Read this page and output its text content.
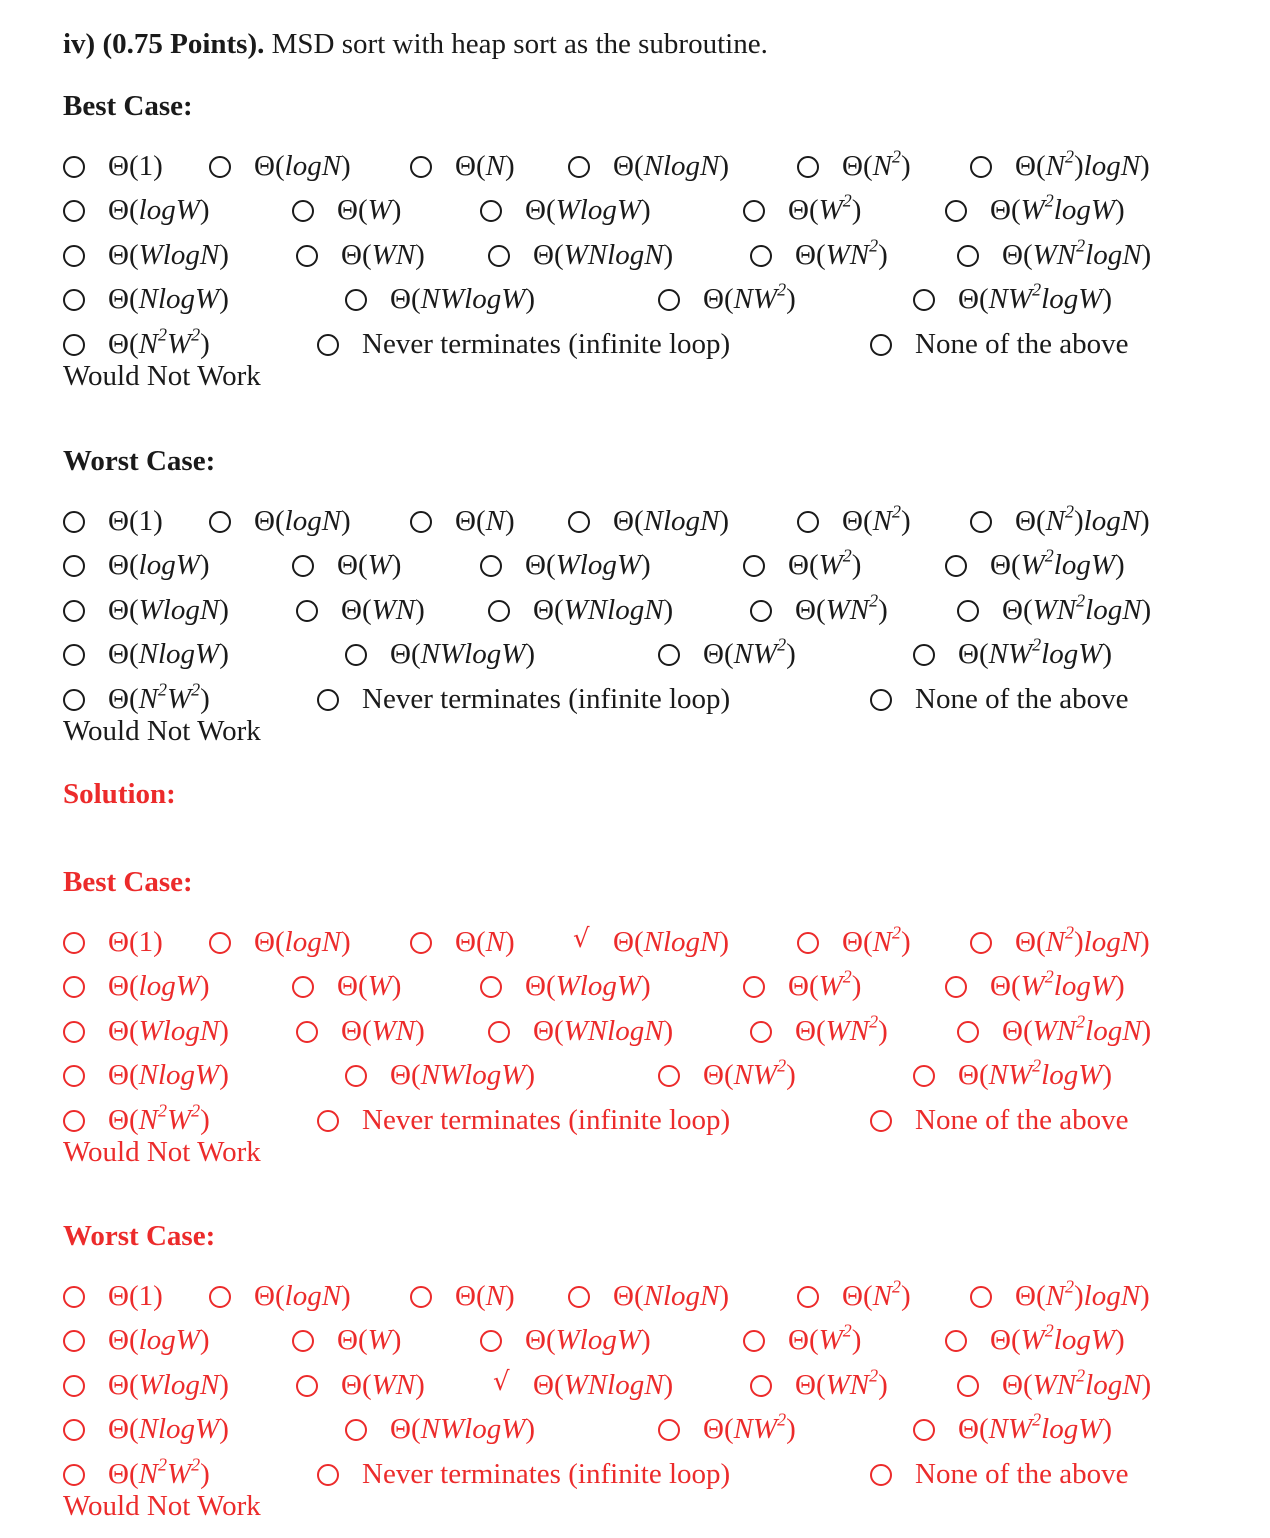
iv) (0.75 Points). MSD sort with heap sort as the subroutine.
Best Case:
Θ(1)	Θ(logN)	Θ(N)	Θ(NlogN)	$\Theta(N^2)$	$\Theta(N^2)\log N$)
Θ(logW)	Θ(W)	Θ(WlogW)	$\Theta(W^2)$	$\Theta(W^2\log W)$
Θ(WlogN)	Θ(WN)	Θ(WNlogN)	$\Theta(WN^2)$	$\Theta(WN^2\log N)$
Θ(NlogW)	Θ(NWlogW)	$\Theta(NW^2)$	$\Theta(NW^2\log W)$
$\Theta(N^2W^2)$	Never terminates (infinite loop)	None of the above
Would Not Work
Worst Case:
Θ(1)	Θ(logN)	Θ(N)	Θ(NlogN)	$\Theta(N^2)$	$\Theta(N^2)\log N$)
Θ(logW)	Θ(W)	Θ(WlogW)	$\Theta(W^2)$	$\Theta(W^2\log W)$
Θ(WlogN)	Θ(WN)	Θ(WNlogN)	$\Theta(WN^2)$	$\Theta(WN^2\log N)$
Θ(NlogW)	Θ(NWlogW)	$\Theta(NW^2)$	$\Theta(NW^2\log W)$
$\Theta(N^2W^2)$	Never terminates (infinite loop)	None of the above
Would Not Work
Best Case:
Θ(1)	Θ(logN)	Θ(N) √ Θ(NlogN)	$\Theta(N^2)$	$\Theta(N^2)\log N$)
Θ(logW)	Θ(W)	Θ(WlogW)	$\Theta(W^2)$	$\Theta(W^2\log W)$
Θ(WlogN)	Θ(WN)	Θ(WNlogN)	$\Theta(WN^2)$	$\Theta(WN^2\log N)$
Θ(NlogW)	Θ(NWlogW)	$\Theta(NW^2)$	$\Theta(NW^2\log W)$
$\Theta(N^2W^2)$	Never terminates (infinite loop)	None of the above
Would Not Work
Worst Case:
Θ(1)	Θ(logN)	Θ(N)	Θ(NlogN)	$\Theta(N^2)$	$\Theta(N^2)\log N$)
Θ(logW)	Θ(W)	Θ(WlogW)	$\Theta(W^2)$	$\Theta(W^2\log W)$
Θ(WlogN)	Θ(WN)	√ Θ(WNlogN)	$\Theta(WN^2)$	$\Theta(WN^2\log N)$
Θ(NlogW)	Θ(NWlogW)	$\Theta(NW^2)$	$\Theta(NW^2\log W)$
$\Theta(N^2W^2)$	Never terminates (infinite loop)	None of the above
Would Not Work
Solution:
